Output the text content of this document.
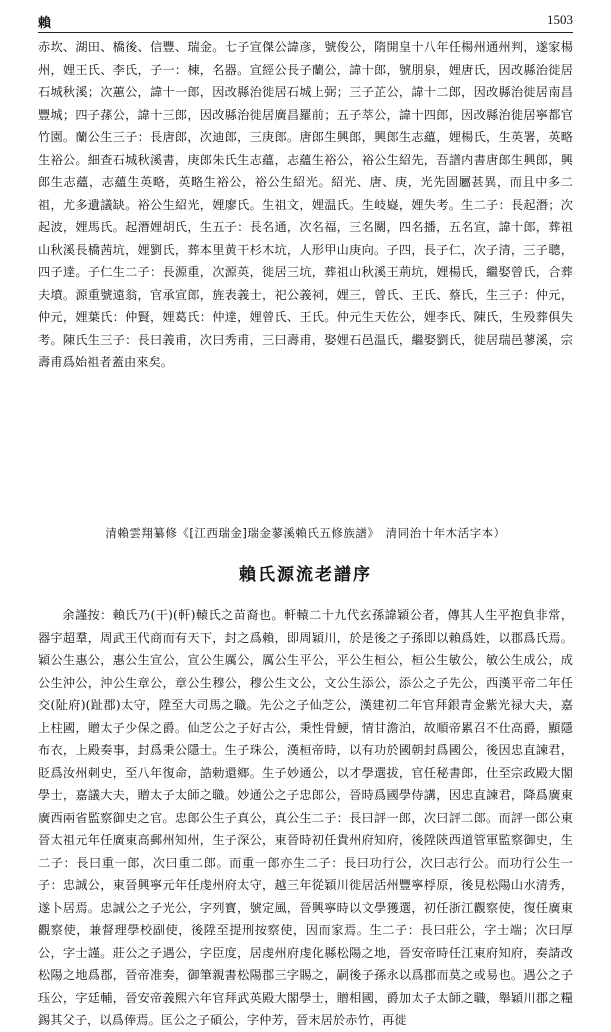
賴	1503
赤坎、湖田、橋後、信豐、瑞金。七子宣傑公諱彦，號俊公，隋開皇十八年任楊州通州判，遂家楊州，娌王氏、李氏，子一：棟，名器。宣經公長子蘭公，諱十郎，號朋泉，娌唐氏，因改縣治徙居石城秋溪；次蕙公，諱十一郎，因改縣治徙居石城上弼；三子芷公，諱十二郎，因改縣治徙居南昌豐城；四子蓀公，諱十三郎，因改縣治徙居廣昌羅前；五子萃公，諱十四郎，因改縣治徙居寧都官竹園。蘭公生三子：長唐郎，次迪郎，三庚郎。唐郎生興郎，興郎生志蘊，娌楊氏，生英署，英略生裕公。細查石城秋溪書，庚郎朱氏生志蘊，志蘊生裕公，裕公生紹先，吾譜内書唐郎生興郎，興郎生志蘊，志蘊生英略，英略生裕公，裕公生紹光。紹光、唐、庚，光先固屬甚異，而且中多二祖，尤多遺議缺。裕公生紹光，娌廖氏。生祖文，娌温氏。生岐嶷，娌失考。生二子：長起潛；次起波，娌馬氏。起潛娌胡氏，生五子：長名通，次名福，三名關，四名播，五名宣，諱十郎，葬祖山秋溪長橋茜坑，娌劉氏，葬本里黄干杉木坑，人形甲山庚向。子四，長子仁，次子清，三子聰，四子達。子仁生二子：長源重，次源英，徙居三坑，葬祖山秋溪王荊坑，娌楊氏，繼娶曾氏，合葬夫墳。源重號遠翁，官承宣郎，旌表義士，祀公義祠，娌三，曾氏、王氏、蔡氏，生三子：仲元，仲元，娌葉氏：仲賢，娌葛氏：仲達，娌曾氏、王氏。仲元生天佐公，娌李氏、陳氏，生殁葬俱失考。陳氏生三子：長曰義甫，次曰秀甫，三曰壽甫，娶娌石邑温氏，繼娶劉氏，徙居瑞邑蓼溪，宗壽甫爲始祖者蓋由來矣。
清賴雲翔纂修《[江西瑞金]瑞金蓼溪賴氏五修族譜》　清同治十年木活字本）
賴氏源流老譜序
余謹按：賴氏乃(干)(軒)轅氏之苗裔也。軒轅二十九代玄孫諱穎公者，傳其人生平抱負非常，器宇超羣，周武王代商而有天下，封之爲賴，即周穎川，於是後之子孫即以賴爲姓，以郡爲氏焉。穎公生惠公，惠公生宣公，宣公生厲公，厲公生平公，平公生桓公，桓公生敏公，敏公生成公，成公生沖公，沖公生章公，章公生穆公，穆公生文公，文公生添公，添公之子先公，西漢平帝二年任交(阯府)(趾郡)太守，陞至大司馬之職。先公之子仙芝公，漢建初二年官拜銀青金紫光禄大夫，嘉上柱國，贈太子少保之爵。仙芝公之子好古公，秉性骨鯁，情甘澹泊，故順帝累召不仕高爵，顯隱布衣，上殿奏事，封爲秉公隱士。生子珠公，漢桓帝時，以有功於國朝封爲國公，後因忠直諫君，貶爲汝州刺史，至八年復命，誥勅還鄉。生子妙通公，以才學選拔，官任秘書郎，仕至宗政殿大閣學士，嘉議大夫，贈太子太師之職。妙通公之子忠郎公，晉時爲國學侍講，因忠直諫君，降爲廣東廣西兩省監察御史之官。忠郎公生子真公，真公生二子：長曰評一郎，次曰評二郎。而評一郎公東晉太祖元年任廣東高郵州知州，生子深公，東晉時初任貴州府知府，後陞陝西道管軍監察御史，生二子：長曰重一郎，次曰重二郎。而重一郎亦生二子：長曰功行公，次曰志行公。而功行公生一子：忠誠公，東晉興寧元年任虔州府太守，越三年從穎川徙居活州豐寧桴原，後見松陽山水清秀，遂卜居焉。忠誠公之子光公，字列寳，號定風，晉興寧時以文學獲選，初任浙江觀察使，復任廣東觀察使，兼督理學校副使，後陞至提刑按察使，因而家焉。生二子：長曰莊公，字士端；次曰厚公，字士謹。莊公之子遇公，字臣度，居虔州府虔化縣松陽之地，晉安帝時任江東府知府，奏請改松陽之地爲郡，晉帝准奏，御筆親書松陽郡三字賜之，嗣後子孫永以爲郡而莫之或易也。遇公之子珏公，字廷輔，晉安帝義熙六年官拜武英殿大閣學士，贈相國，爵加太子太師之職，舉穎川郡之糧錫其父子，以爲俸焉。匡公之子碩公，字仲芳，晉末居於赤竹，再徙
